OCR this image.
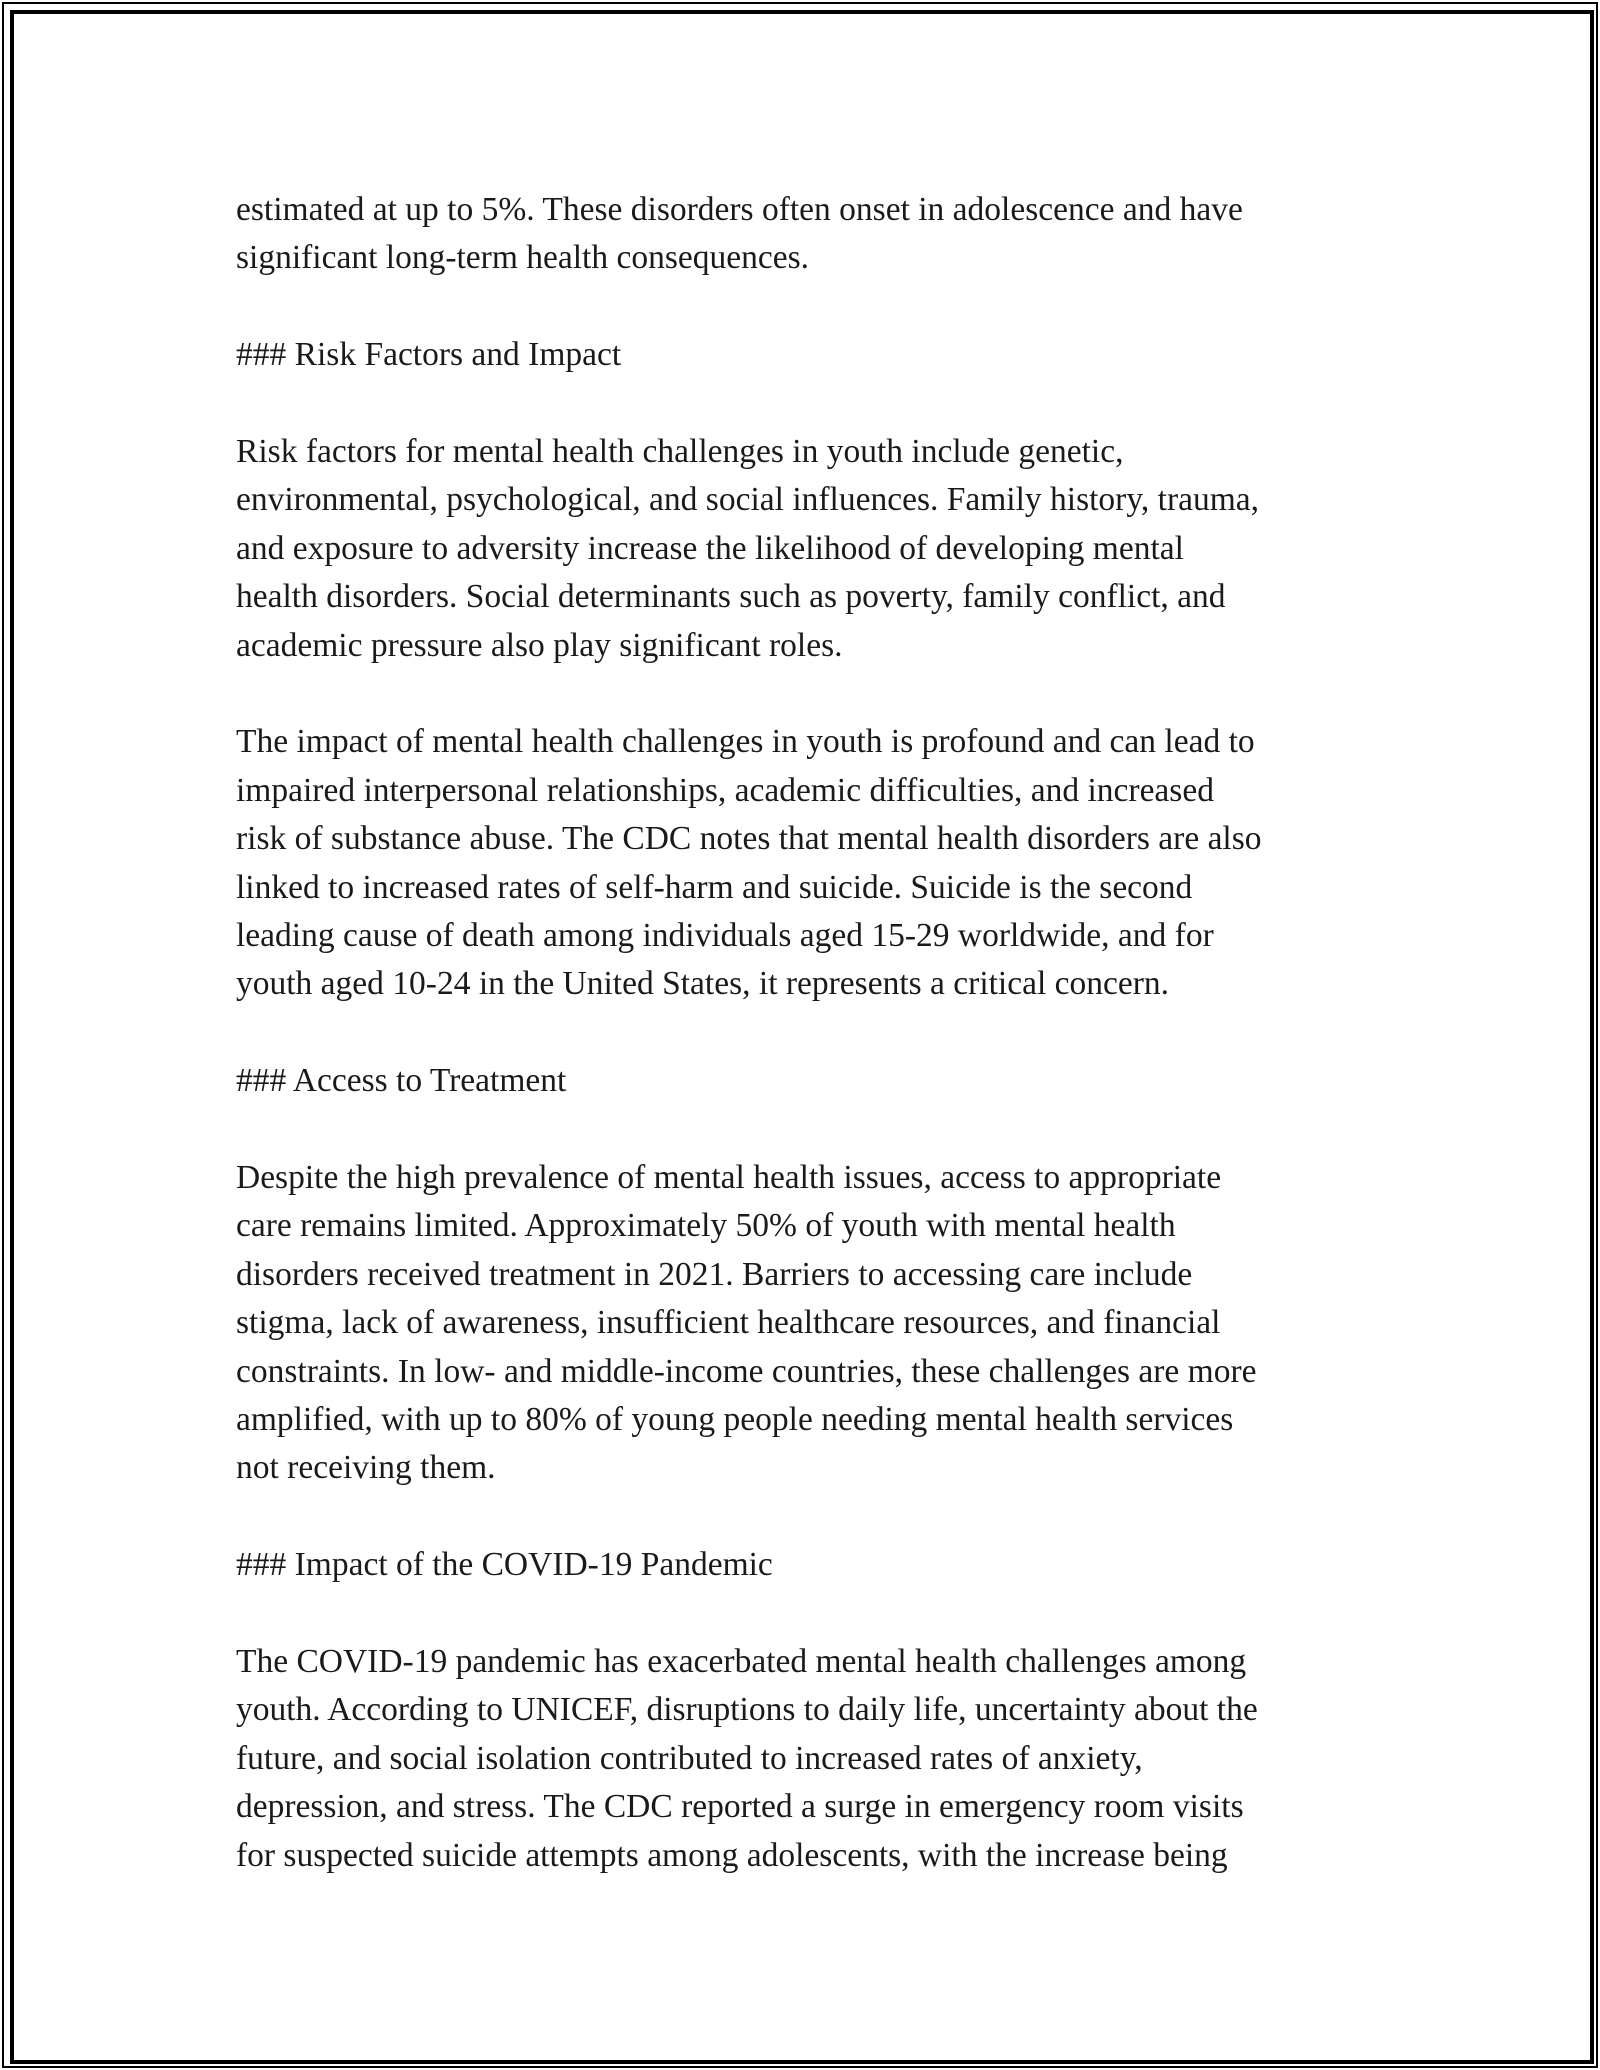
estimated at up to 5%. These disorders often onset in adolescence and have
significant long-term health consequences.

### Risk Factors and Impact

Risk factors for mental health challenges in youth include genetic,
environmental, psychological, and social influences. Family history, trauma,
and exposure to adversity increase the likelihood of developing mental
health disorders. Social determinants such as poverty, family conflict, and
academic pressure also play significant roles.

The impact of mental health challenges in youth is profound and can lead to
impaired interpersonal relationships, academic difficulties, and increased
risk of substance abuse. The CDC notes that mental health disorders are also
linked to increased rates of self-harm and suicide. Suicide is the second
leading cause of death among individuals aged 15-29 worldwide, and for
youth aged 10-24 in the United States, it represents a critical concern.

### Access to Treatment

Despite the high prevalence of mental health issues, access to appropriate
care remains limited. Approximately 50% of youth with mental health
disorders received treatment in 2021. Barriers to accessing care include
stigma, lack of awareness, insufficient healthcare resources, and financial
constraints. In low- and middle-income countries, these challenges are more
amplified, with up to 80% of young people needing mental health services
not receiving them.

### Impact of the COVID-19 Pandemic

The COVID-19 pandemic has exacerbated mental health challenges among
youth. According to UNICEF, disruptions to daily life, uncertainty about the
future, and social isolation contributed to increased rates of anxiety,
depression, and stress. The CDC reported a surge in emergency room visits
for suspected suicide attempts among adolescents, with the increase being
